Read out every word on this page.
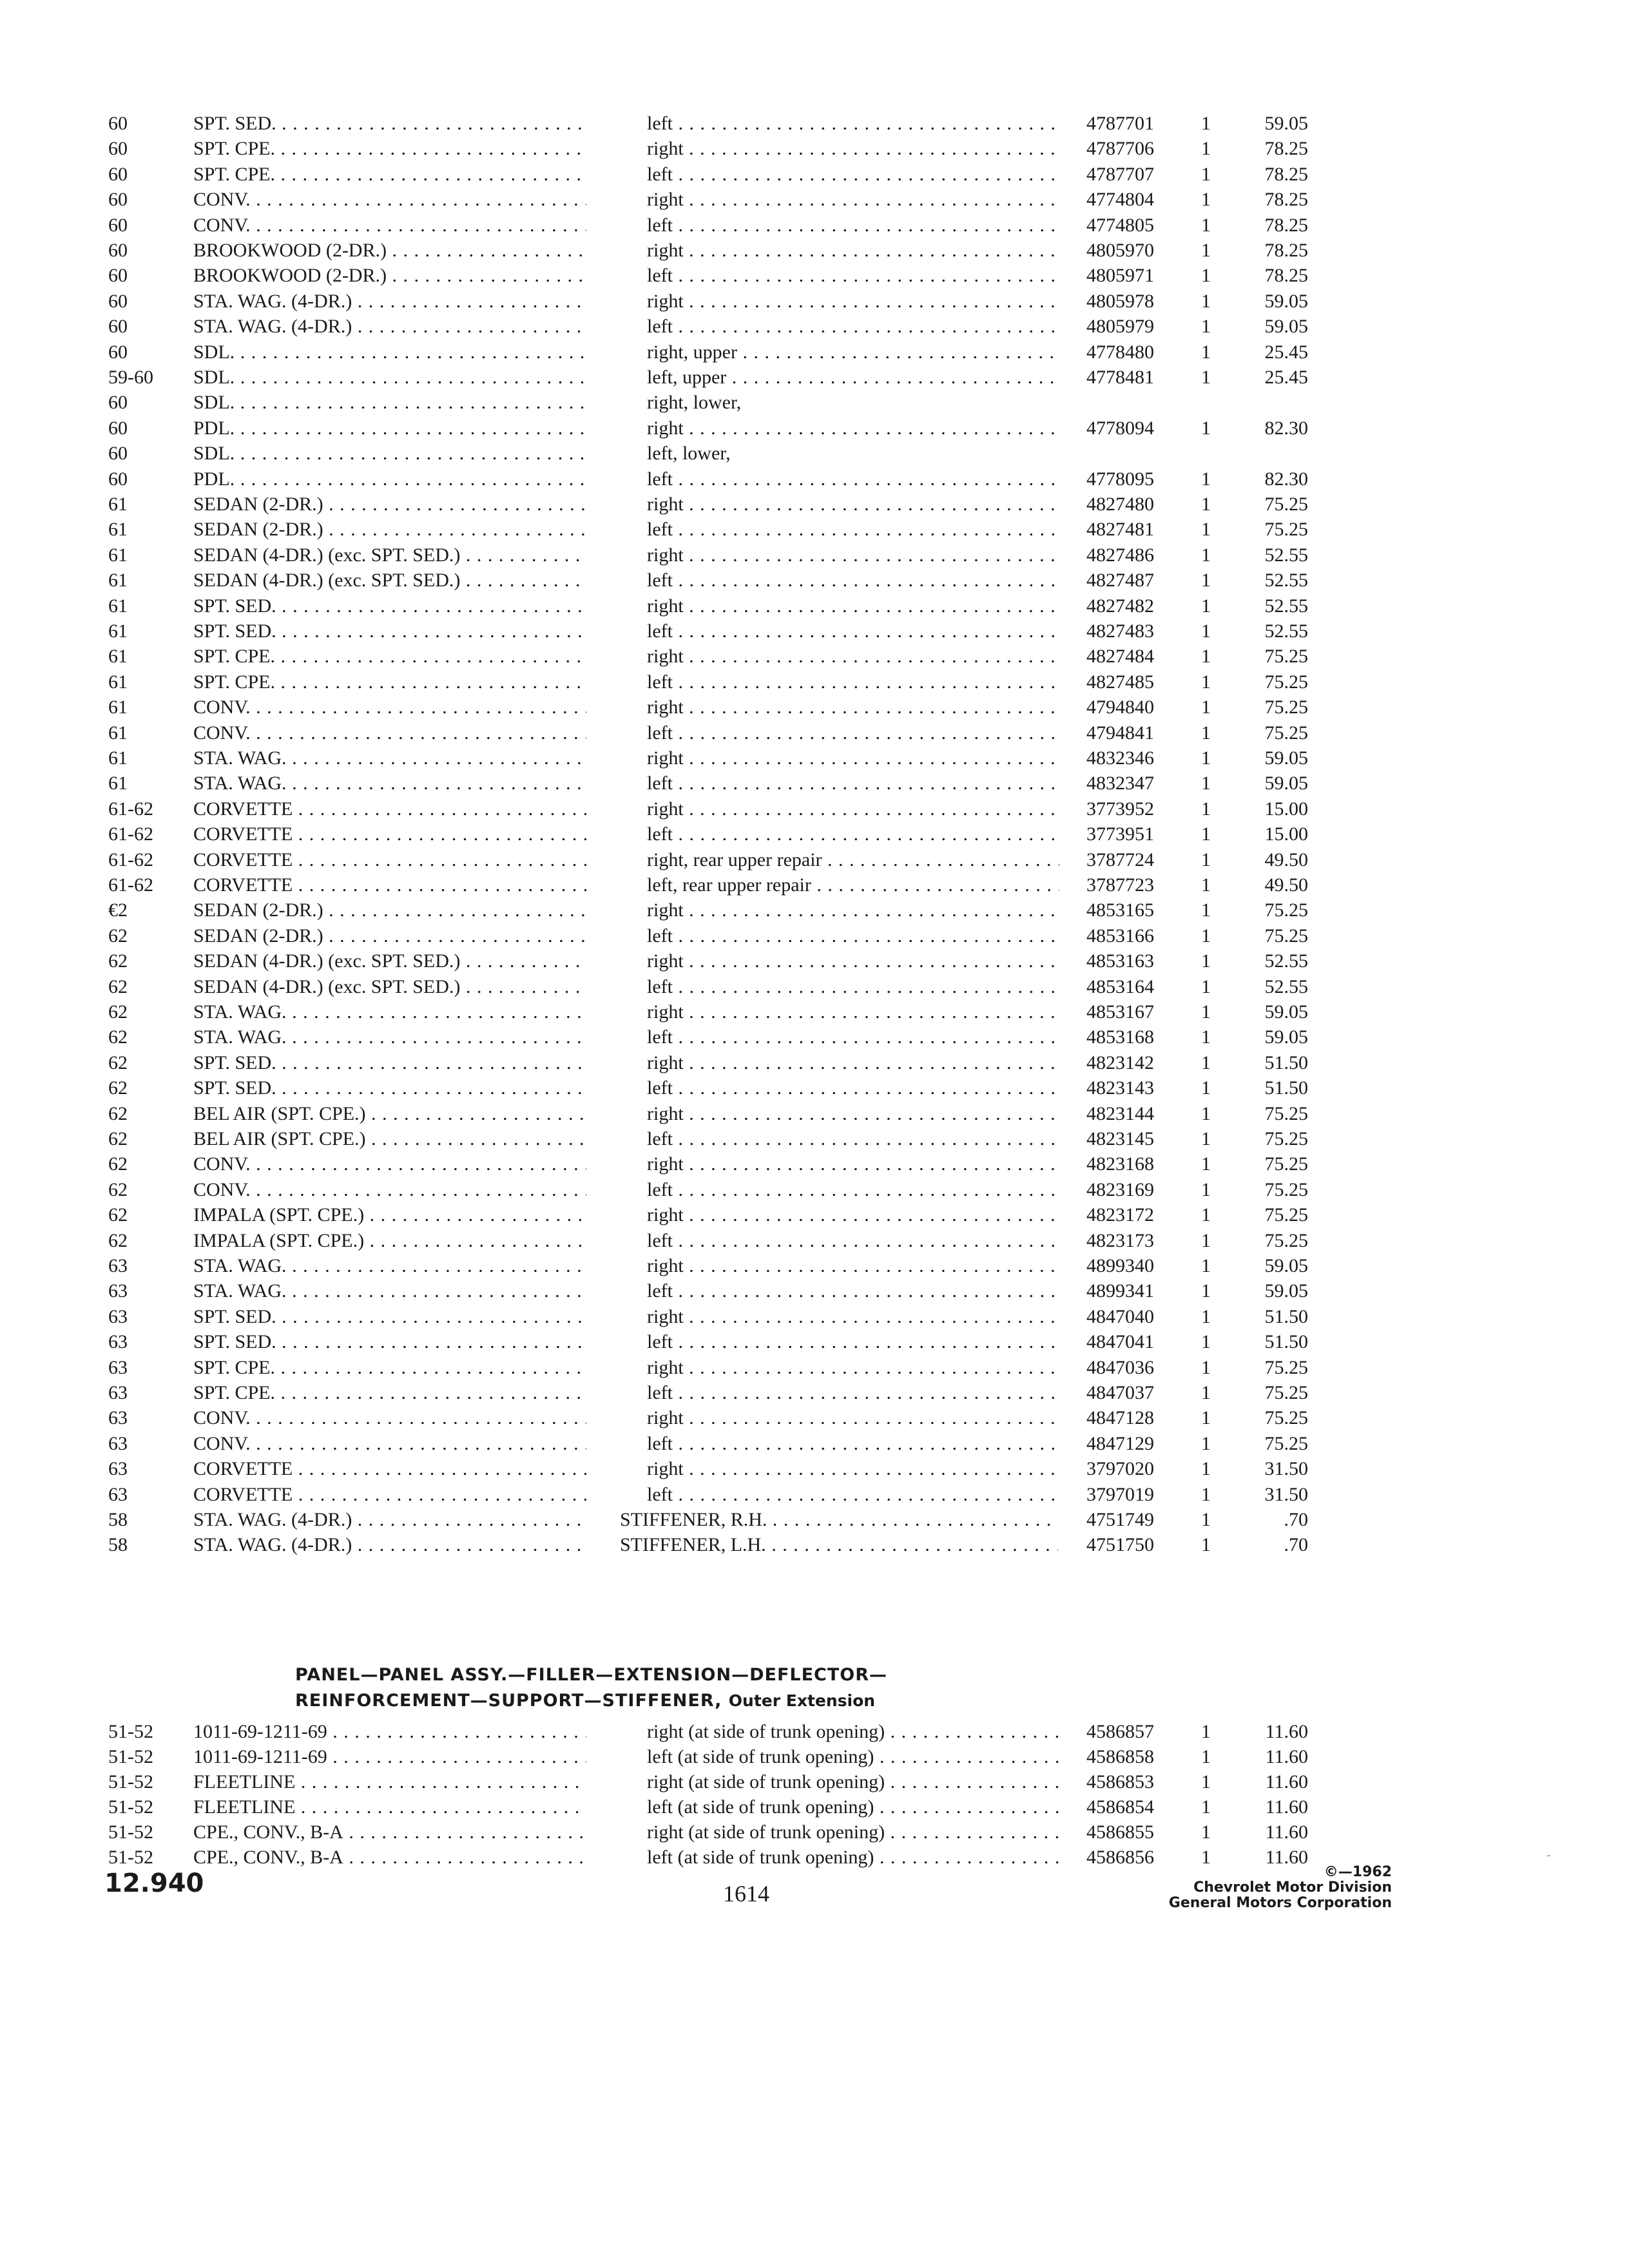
60	SPT. SED. . . .	left . . .	4787701	1	59.05
60	SPT. CPE. . . .	right . . .	4787706	1	78.25
60	SPT. CPE. . . .	left . . .	4787707	1	78.25
60	CONV. . . .	right . . .	4774804	1	78.25
60	CONV. . . .	left . . .	4774805	1	78.25
60	BROOKWOOD (2-DR.) . . .	right . . .	4805970	1	78.25
60	BROOKWOOD (2-DR.) . . .	left . . .	4805971	1	78.25
60	STA. WAG. (4-DR.) . . .	right . . .	4805978	1	59.05
60	STA. WAG. (4-DR.) . . .	left . . .	4805979	1	59.05
60	SDL. . . .	right, upper . . .	4778480	1	25.45
59-60	SDL. . . .	left, upper . . .	4778481	1	25.45
60	SDL. . . .	right, lower,
60	PDL. . . .	right . . .	4778094	1	82.30
60	SDL. . . .	left, lower,
60	PDL. . . .	left . . .	4778095	1	82.30
61	SEDAN (2-DR.) . . .	right . . .	4827480	1	75.25
61	SEDAN (2-DR.) . . .	left . . .	4827481	1	75.25
61	SEDAN (4-DR.) (exc. SPT. SED.) . . .	right . . .	4827486	1	52.55
61	SEDAN (4-DR.) (exc. SPT. SED.) . . .	left . . .	4827487	1	52.55
61	SPT. SED. . . .	right . . .	4827482	1	52.55
61	SPT. SED. . . .	left . . .	4827483	1	52.55
61	SPT. CPE. . . .	right . . .	4827484	1	75.25
61	SPT. CPE. . . .	left . . .	4827485	1	75.25
61	CONV. . . .	right . . .	4794840	1	75.25
61	CONV. . . .	left . . .	4794841	1	75.25
61	STA. WAG. . . .	right . . .	4832346	1	59.05
61	STA. WAG. . . .	left . . .	4832347	1	59.05
61-62	CORVETTE . . .	right . . .	3773952	1	15.00
61-62	CORVETTE . . .	left . . .	3773951	1	15.00
61-62	CORVETTE . . .	right, rear upper repair . . .	3787724	1	49.50
61-62	CORVETTE . . .	left, rear upper repair . . .	3787723	1	49.50
€2	SEDAN (2-DR.) . . .	right . . .	4853165	1	75.25
62	SEDAN (2-DR.) . . .	left . . .	4853166	1	75.25
62	SEDAN (4-DR.) (exc. SPT. SED.) . . .	right . . .	4853163	1	52.55
62	SEDAN (4-DR.) (exc. SPT. SED.) . . .	left . . .	4853164	1	52.55
62	STA. WAG. . . .	right . . .	4853167	1	59.05
62	STA. WAG. . . .	left . . .	4853168	1	59.05
62	SPT. SED. . . .	right . . .	4823142	1	51.50
62	SPT. SED. . . .	left . . .	4823143	1	51.50
62	BEL AIR (SPT. CPE.) . . .	right . . .	4823144	1	75.25
62	BEL AIR (SPT. CPE.) . . .	left . . .	4823145	1	75.25
62	CONV. . . .	right . . .	4823168	1	75.25
62	CONV. . . .	left . . .	4823169	1	75.25
62	IMPALA (SPT. CPE.) . . .	right . . .	4823172	1	75.25
62	IMPALA (SPT. CPE.) . . .	left . . .	4823173	1	75.25
63	STA. WAG. . . .	right . . .	4899340	1	59.05
63	STA. WAG. . . .	left . . .	4899341	1	59.05
63	SPT. SED. . . .	right . . .	4847040	1	51.50
63	SPT. SED. . . .	left . . .	4847041	1	51.50
63	SPT. CPE. . . .	right . . .	4847036	1	75.25
63	SPT. CPE. . . .	left . . .	4847037	1	75.25
63	CONV. . . .	right . . .	4847128	1	75.25
63	CONV. . . .	left . . .	4847129	1	75.25
63	CORVETTE . . .	right . . .	3797020	1	31.50
63	CORVETTE . . .	left . . .	3797019	1	31.50
58	STA. WAG. (4-DR.) . . .	STIFFENER, R.H. . . .	4751749	1	.70
58	STA. WAG. (4-DR.) . . .	STIFFENER, L.H. . . .	4751750	1	.70
PANEL—PANEL ASSY.—FILLER—EXTENSION—DEFLECTOR—
REINFORCEMENT—SUPPORT—STIFFENER, Outer Extension
51-52	1011-69-1211-69 . . .	right (at side of trunk opening) . . .	4586857	1	11.60
51-52	1011-69-1211-69 . . .	left (at side of trunk opening) . . .	4586858	1	11.60
51-52	FLEETLINE . . .	right (at side of trunk opening) . . .	4586853	1	11.60
51-52	FLEETLINE . . .	left (at side of trunk opening) . . .	4586854	1	11.60
51-52	CPE., CONV., B-A . . .	right (at side of trunk opening) . . .	4586855	1	11.60
51-52	CPE., CONV., B-A . . .	left (at side of trunk opening) . . .	4586856	1	11.60
12.940	1614
©—1962
Chevrolet Motor Division
General Motors Corporation
-
